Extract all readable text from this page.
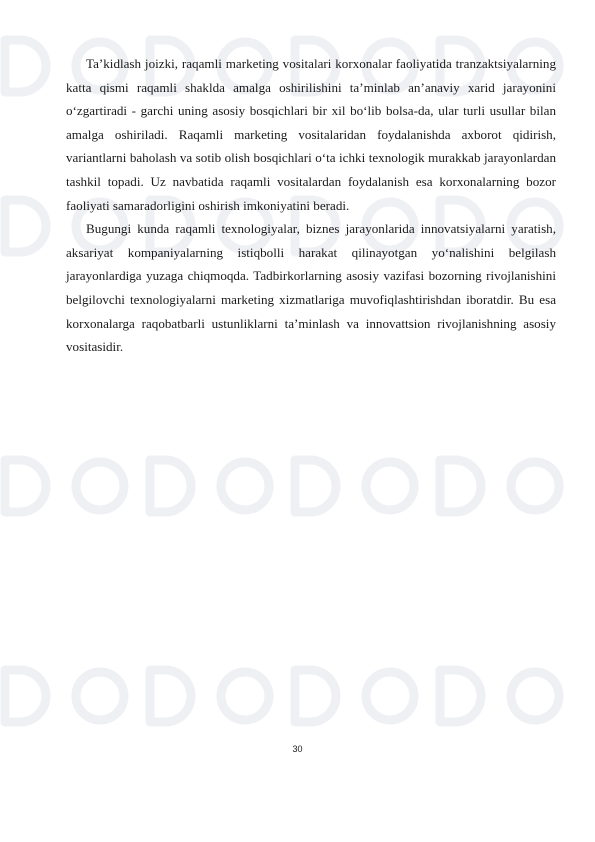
Ta’kidlash joizki, raqamli marketing vositalari korxonalar faoliyatida tranzaktsiyalarning katta qismi raqamli shaklda amalga oshirilishini ta’minlab an’anaviy xarid jarayonini o‘zgartiradi - garchi uning asosiy bosqichlari bir xil bo‘lib bolsa-da, ular turli usullar bilan amalga oshiriladi. Raqamli marketing vositalaridan foydalanishda axborot qidirish, variantlarni baholash va sotib olish bosqichlari o‘ta ichki texnologik murakkab jarayonlardan tashkil topadi. Uz navbatida raqamli vositalardan foydalanish esa korxonalarning bozor faoliyati samaradorligini oshirish imkoniyatini beradi.

Bugungi kunda raqamli texnologiyalar, biznes jarayonlarida innovatsiyalarni yaratish, aksariyat kompaniyalarning istiqbolli harakat qilinayotgan yo‘nalishini belgilash jarayonlardiga yuzaga chiqmoqda. Tadbirkorlarning asosiy vazifasi bozorning rivojlanishini belgilovchi texnologiyalarni marketing xizmatlariga muvofiqlashtirishdan iboratdir. Bu esa korxonalarga raqobatbarli ustunliklarni ta’minlash va innovattsion rivojlanishning asosiy vositasidir.

30
